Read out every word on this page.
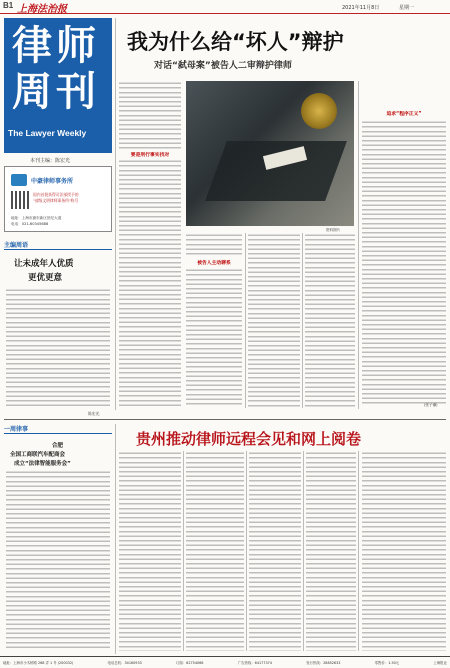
B1 上海法治报	2021年11月8日	星期一
律师
周刊
The Lawyer Weekly
本刊主编：陈宏光
中豪律师事务所
国内首批获得司法部授予的
"部级文明律师事务所"称号
地址：上海市浦东新区世纪大道
电话：021-60345688
主编周语
让未成年人优质
更优更意
陈宏光
我为什么给“坏人”辩护
对话“弑母案”被告人二审辩护律师
要是刑行事实找对
资料图片
追求“程序正义”
(张子潮)
被告人主动聊系
一周律事
合肥
全国工商联汽车配商会
成立“法律智能服务会”
贵州推动律师远程会见和网上阅卷
地址：上海市小木桥路 268 弄 1 号 (200032)	电话总机：34160933	订阅：62754066	广告热线：64177374	发行热线：28852633	零售价：1.50元	上海报业
